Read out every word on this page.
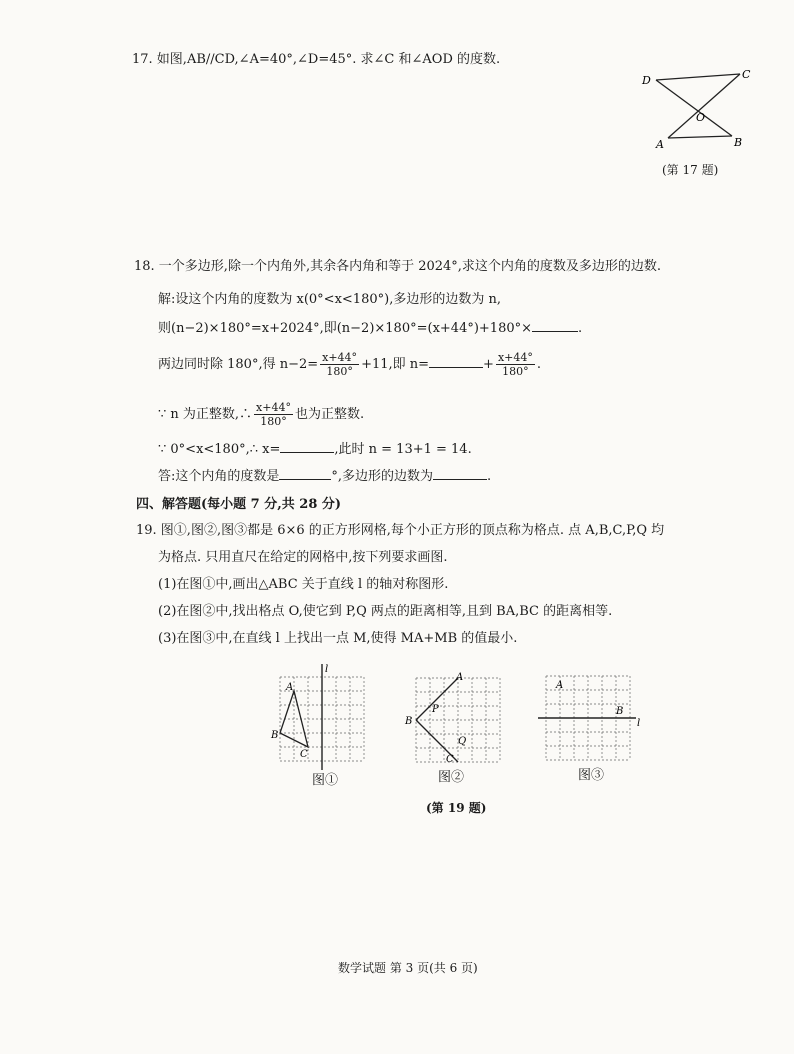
17. 如图,AB//CD,∠A=40°,∠D=45°. 求∠C 和∠AOD 的度数.
D	C
O
A	B
(第 17 题)
18. 一个多边形,除一个内角外,其余各内角和等于 2024°,求这个内角的度数及多边形的边数.
解:设这个内角的度数为 x(0°<x<180°),多边形的边数为 n,
则(n−2)×180°=x+2024°,即(n−2)×180°=(x+44°)+180°×	.
两边同时除 180°,得 $n-2= \frac{x+44^\circ}{180^\circ} +11$,即 n=	+ $\frac{x+44^\circ}{180^\circ}$ .
∵ n 为正整数,∴ $\frac{x+44^\circ}{180^\circ}$ 也为正整数.
∵ 0°<x<180°,∴ x=	,此时 n = 13+1 = 14.
答:这个内角的度数是	°,多边形的边数为	.
四、解答题(每小题 7 分,共 28 分)
19. 图①,图②,图③都是 6×6 的正方形网格,每个小正方形的顶点称为格点. 点 A,B,C,P,Q 均
为格点. 只用直尺在给定的网格中,按下列要求画图.
(1)在图①中,画出△ABC 关于直线 l 的轴对称图形.
(2)在图②中,找出格点 O,使它到 P,Q 两点的距离相等,且到 BA,BC 的距离相等.
(3)在图③中,在直线 l 上找出一点 M,使得 MA+MB 的值最小.
l
A
B
C
图①
A
B
P
Q
C
图②
A
B
l
图③
(第 19 题)
数学试题 第 3 页(共 6 页)
